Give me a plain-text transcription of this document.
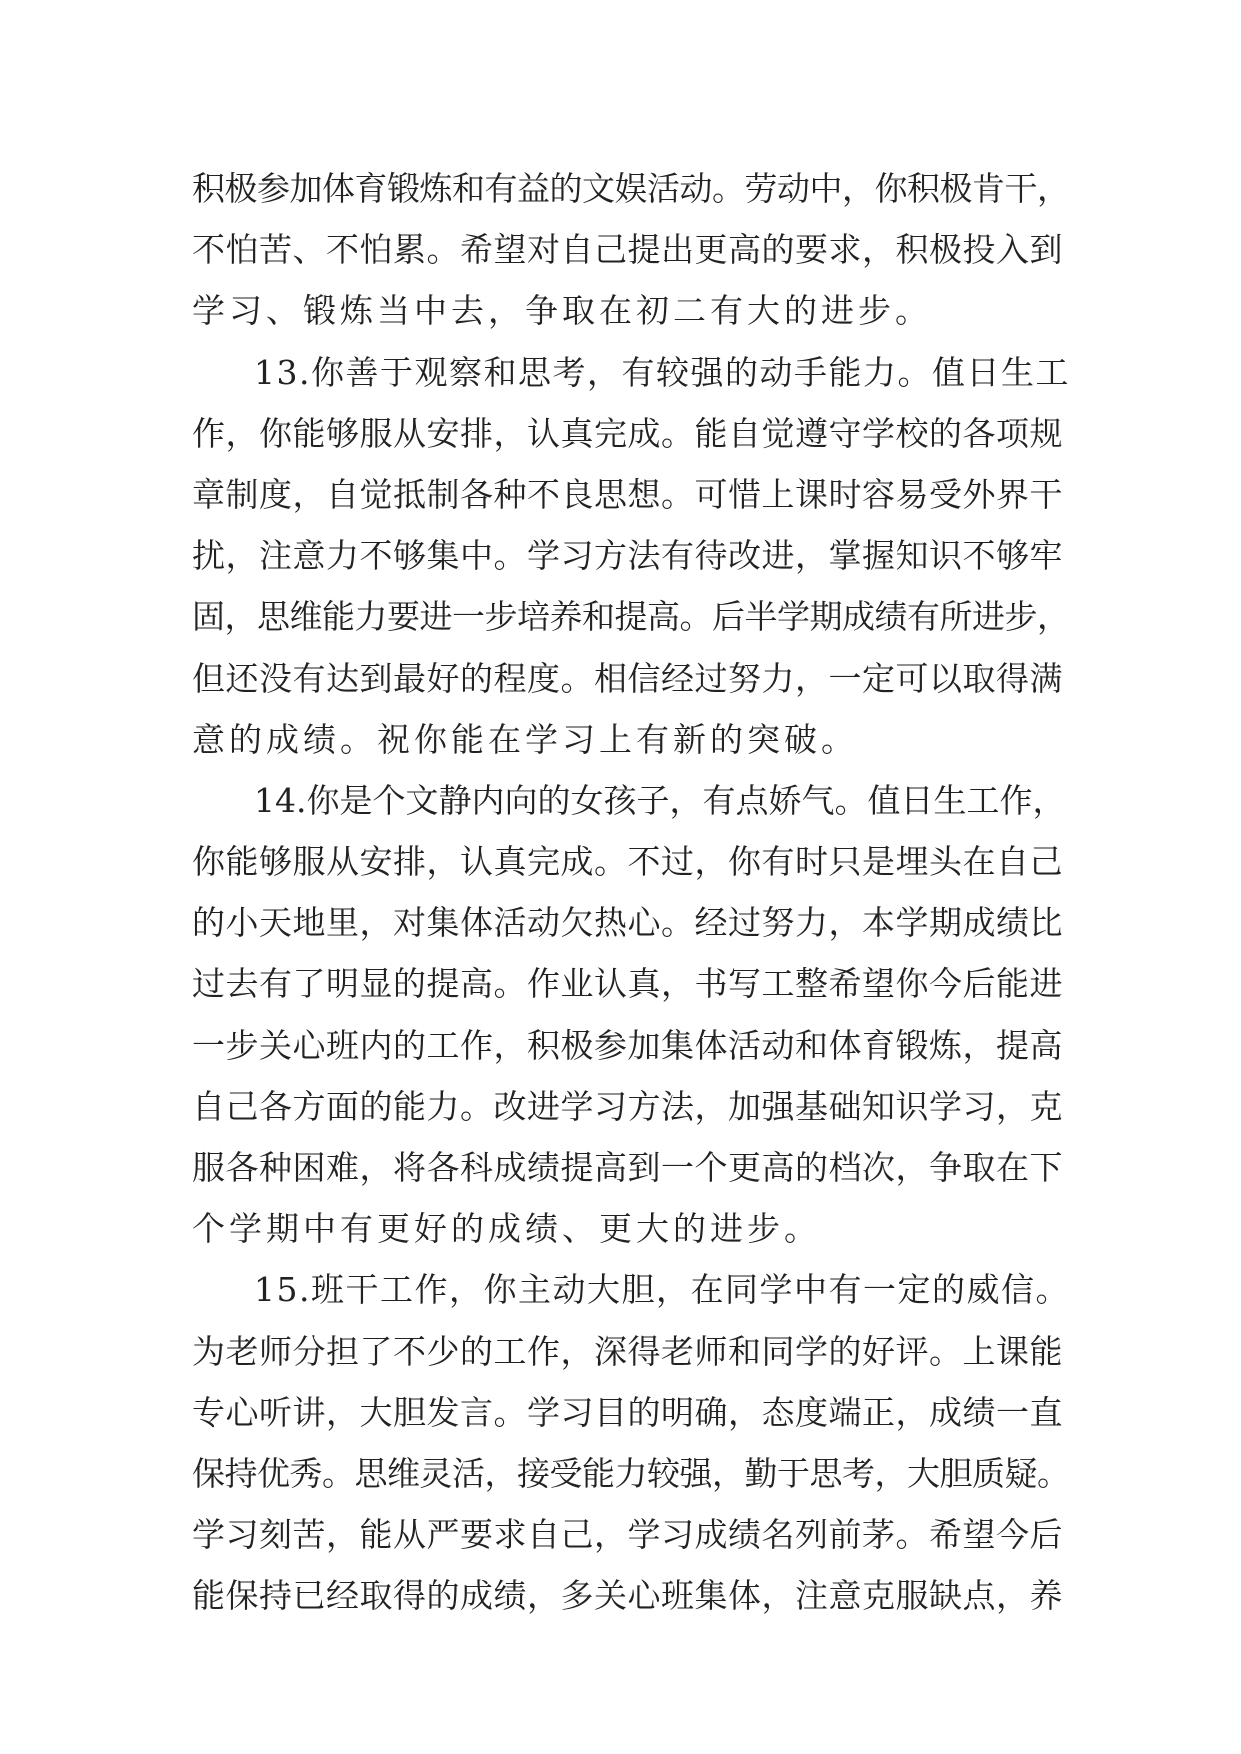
积极参加体育锻炼和有益的文娱活动。劳动中，你积极肯干，
不怕苦、不怕累。希望对自己提出更高的要求，积极投入到
学习、锻炼当中去，争取在初二有大的进步。
13.你善于观察和思考，有较强的动手能力。值日生工
作，你能够服从安排，认真完成。能自觉遵守学校的各项规
章制度，自觉抵制各种不良思想。可惜上课时容易受外界干
扰，注意力不够集中。学习方法有待改进，掌握知识不够牢
固，思维能力要进一步培养和提高。后半学期成绩有所进步，
但还没有达到最好的程度。相信经过努力，一定可以取得满
意的成绩。祝你能在学习上有新的突破。
14.你是个文静内向的女孩子，有点娇气。值日生工作，
你能够服从安排，认真完成。不过，你有时只是埋头在自己
的小天地里，对集体活动欠热心。经过努力，本学期成绩比
过去有了明显的提高。作业认真，书写工整希望你今后能进
一步关心班内的工作，积极参加集体活动和体育锻炼，提高
自己各方面的能力。改进学习方法，加强基础知识学习，克
服各种困难，将各科成绩提高到一个更高的档次，争取在下
个学期中有更好的成绩、更大的进步。
15.班干工作，你主动大胆，在同学中有一定的威信。
为老师分担了不少的工作，深得老师和同学的好评。上课能
专心听讲，大胆发言。学习目的明确，态度端正，成绩一直
保持优秀。思维灵活，接受能力较强，勤于思考，大胆质疑。
学习刻苦，能从严要求自己，学习成绩名列前茅。希望今后
能保持已经取得的成绩，多关心班集体，注意克服缺点，养
